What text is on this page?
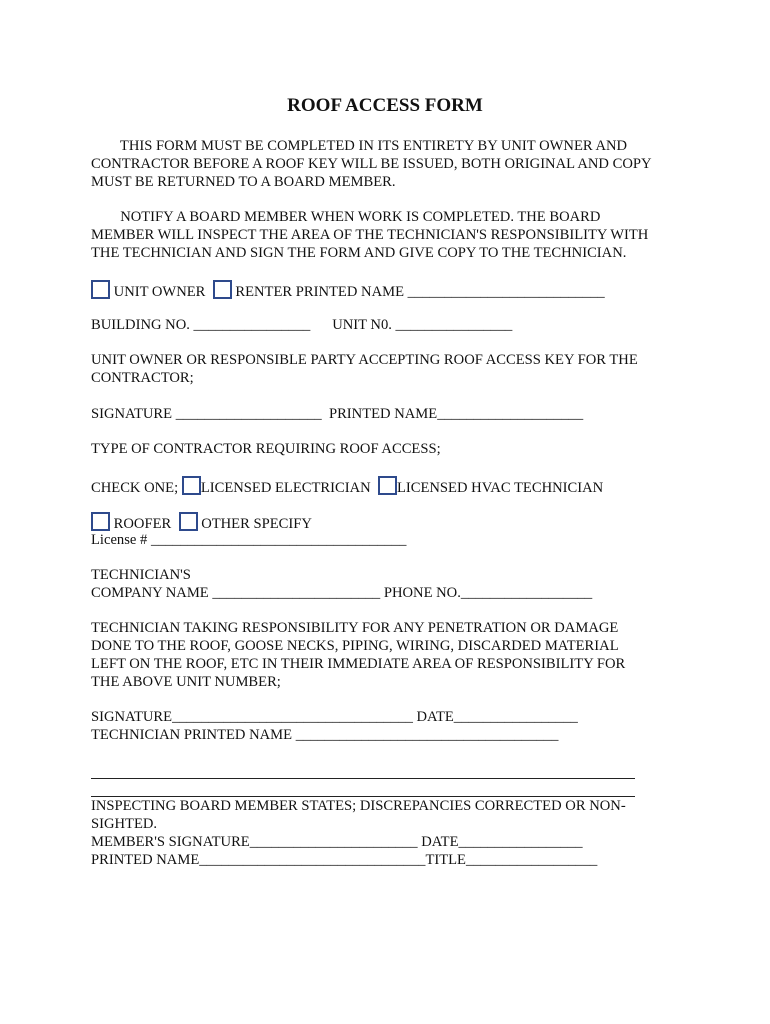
ROOF ACCESS FORM
THIS FORM MUST BE COMPLETED IN ITS ENTIRETY BY UNIT OWNER AND
CONTRACTOR BEFORE A ROOF KEY WILL BE ISSUED, BOTH ORIGINAL AND COPY
MUST BE RETURNED TO A BOARD MEMBER.
NOTIFY A BOARD MEMBER WHEN WORK IS COMPLETED. THE BOARD
MEMBER WILL INSPECT THE AREA OF THE TECHNICIAN'S RESPONSIBILITY WITH
THE TECHNICIAN AND SIGN THE FORM AND GIVE COPY TO THE TECHNICIAN.
UNIT OWNER RENTER PRINTED NAME ___________________________
BUILDING NO. ________________      UNIT N0. ________________
UNIT OWNER OR RESPONSIBLE PARTY ACCEPTING ROOF ACCESS KEY FOR THE
CONTRACTOR;
SIGNATURE ____________________  PRINTED NAME____________________
TYPE OF CONTRACTOR REQUIRING ROOF ACCESS;
CHECK ONE; LICENSED ELECTRICIAN LICENSED HVAC TECHNICIAN
ROOFER OTHER SPECIFY
License # ___________________________________
TECHNICIAN'S
COMPANY NAME _______________________ PHONE NO.__________________
TECHNICIAN TAKING RESPONSIBILITY FOR ANY PENETRATION OR DAMAGE
DONE TO THE ROOF, GOOSE NECKS, PIPING, WIRING, DISCARDED MATERIAL
LEFT ON THE ROOF, ETC IN THEIR IMMEDIATE AREA OF RESPONSIBILITY FOR
THE ABOVE UNIT NUMBER;
SIGNATURE_________________________________ DATE_________________
TECHNICIAN PRINTED NAME ____________________________________
INSPECTING BOARD MEMBER STATES; DISCREPANCIES CORRECTED OR NON-
SIGHTED.
MEMBER'S SIGNATURE_______________________ DATE_________________
PRINTED NAME_______________________________TITLE__________________
